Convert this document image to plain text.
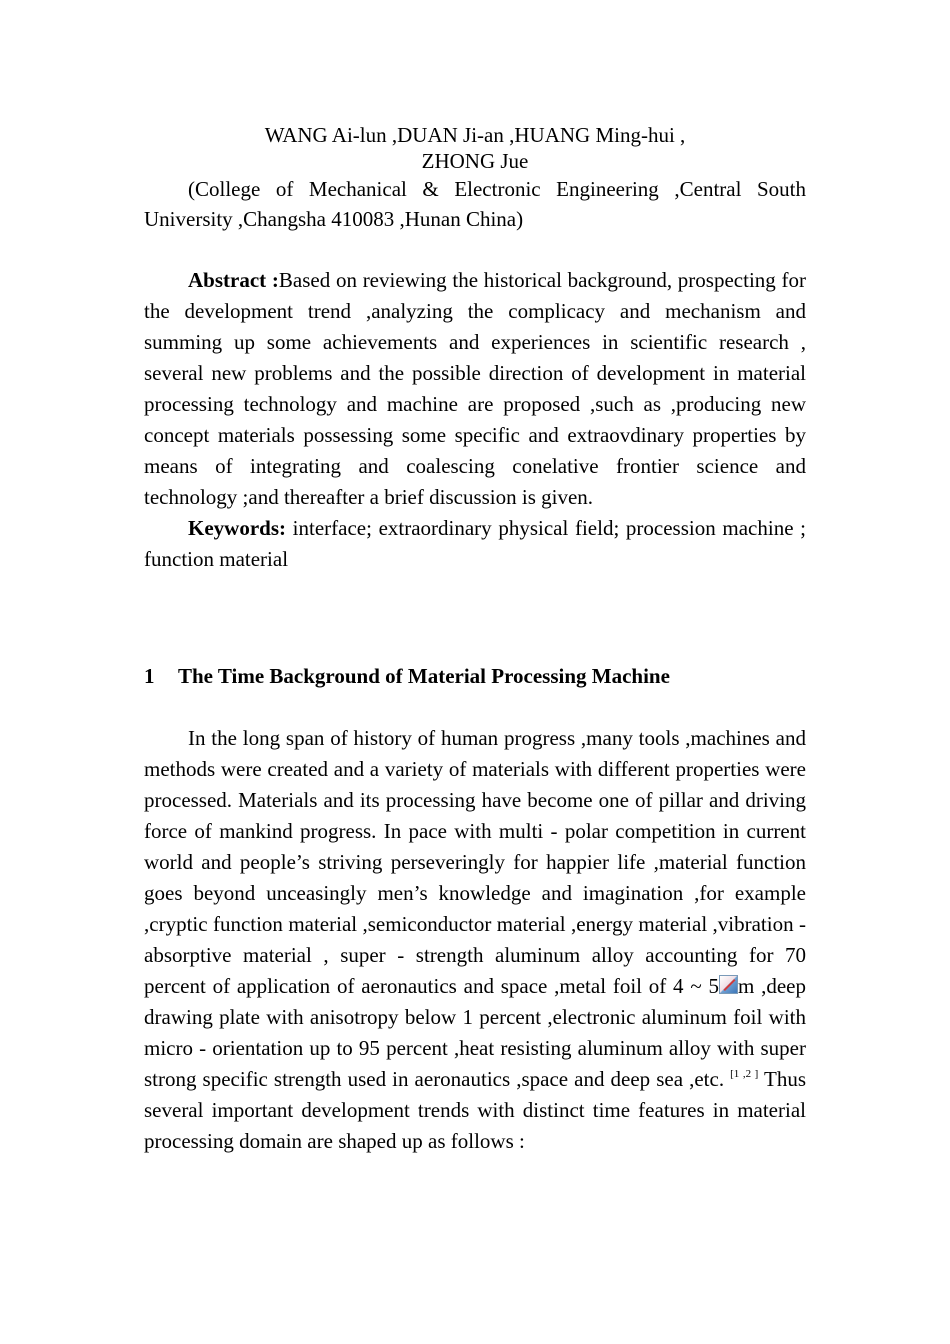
WANG Ai-lun ,DUAN Ji-an ,HUANG Ming-hui ,
ZHONG Jue

(College of Mechanical & Electronic Engineering ,Central South University ,Changsha 410083 ,Hunan China)

Abstract :Based on reviewing the historical background, prospecting for the development trend ,analyzing the complicacy and mechanism and summing up some achievements and experiences in scientific research , several new problems and the possible direction of development in material processing technology and machine are proposed ,such as ,producing new concept materials possessing some specific and extraovdinary properties by means of integrating and coalescing conelative frontier science and technology ;and thereafter a brief discussion is given.

Keywords: interface; extraordinary physical field; procession machine ; function material

1 The Time Background of Material Processing Machine

In the long span of history of human progress ,many tools ,machines and methods were created and a variety of materials with different properties were processed. Materials and its processing have become one of pillar and driving force of mankind progress. In pace with multi - polar competition in current world and people’s striving perseveringly for happier life ,material function goes beyond unceasingly men’s knowledge and imagination ,for example ,cryptic function material ,semiconductor material ,energy material ,vibration - absorptive material , super - strength aluminum alloy accounting for 70 percent of application of aeronautics and space ,metal foil of 4 ~ 5 m ,deep drawing plate with anisotropy below 1 percent ,electronic aluminum foil with micro - orientation up to 95 percent ,heat resisting aluminum alloy with super strong specific strength used in aeronautics ,space and deep sea ,etc. [1 ,2 ] Thus several important development trends with distinct time features in material processing domain are shaped up as follows :
